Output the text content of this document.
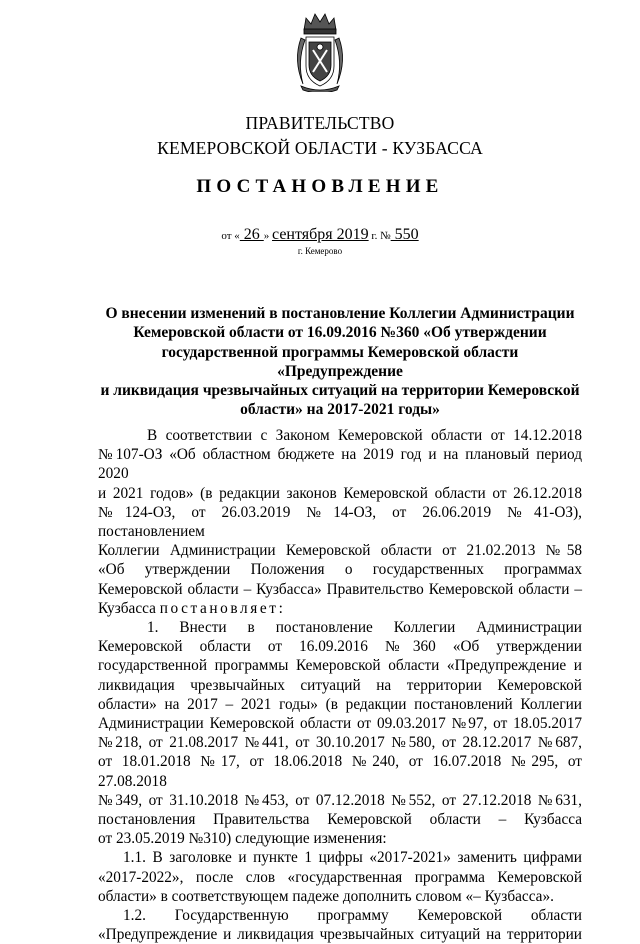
ПРАВИТЕЛЬСТВО
КЕМЕРОВСКОЙ ОБЛАСТИ - КУЗБАССА
ПОСТАНОВЛЕНИЕ
от « 26 » сентября 2019 г. № 550
г. Кемерово
О внесении изменений в постановление Коллегии Администрации
Кемеровской области от 16.09.2016 №360 «Об утверждении
государственной программы Кемеровской области «Предупреждение
и ликвидация чрезвычайных ситуаций на территории Кемеровской
области» на 2017-2021 годы»

В соответствии с Законом Кемеровской области от 14.12.2018

№107-ОЗ «Об областном бюджете на 2019 год и на плановый период 2020

и 2021 годов» (в редакции законов Кемеровской области от 26.12.2018

№124-ОЗ, от 26.03.2019 №14-ОЗ, от 26.06.2019 №41-ОЗ), постановлением

Коллегии Администрации Кемеровской области от 21.02.2013 №58

«Об утверждении Положения о государственных программах

Кемеровской области – Кузбасса» Правительство Кемеровской области –

Кузбасса постановляет:

1. Внести в постановление Коллегии Администрации

Кемеровской области от 16.09.2016 №360 «Об утверждении

государственной программы Кемеровской области «Предупреждение и

ликвидация чрезвычайных ситуаций на территории Кемеровской

области» на 2017 – 2021 годы» (в редакции постановлений Коллегии

Администрации Кемеровской области от 09.03.2017 №97, от 18.05.2017

№218, от 21.08.2017 №441, от 30.10.2017 №580, от 28.12.2017 №687,

от 18.01.2018 №17, от 18.06.2018 №240, от 16.07.2018 №295, от 27.08.2018

№349, от 31.10.2018 №453, от 07.12.2018 №552, от 27.12.2018 №631,

постановления Правительства Кемеровской области – Кузбасса

от 23.05.2019 №310) следующие изменения:

1.1. В заголовке и пункте 1 цифры «2017-2021» заменить цифрами

«2017-2022», после слов «государственная программа Кемеровской

области» в соответствующем падеже дополнить словом «– Кузбасса».

1.2. Государственную программу Кемеровской области

«Предупреждение и ликвидация чрезвычайных ситуаций на территории
